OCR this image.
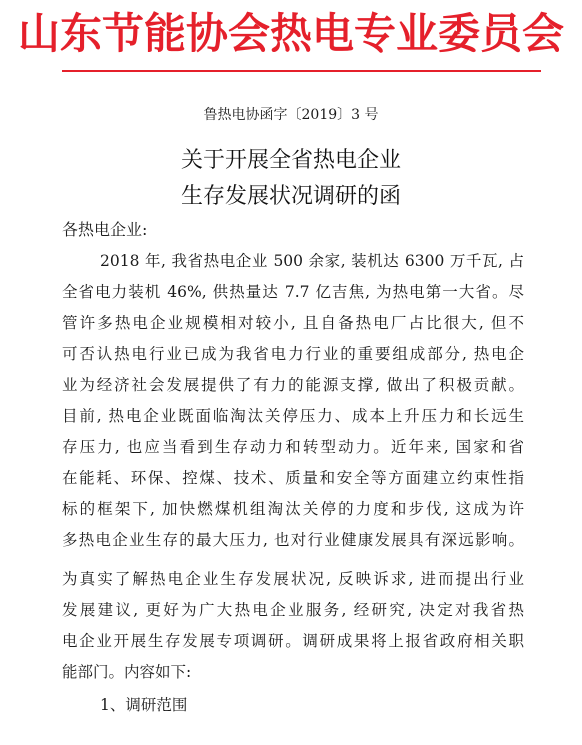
山东节能协会热电专业委员会
鲁热电协函字〔2019〕3 号
关于开展全省热电企业
生存发展状况调研的函
各热电企业:
2018 年, 我省热电企业 500 余家, 装机达 6300 万千瓦, 占
全省电力装机 46%, 供热量达 7.7 亿吉焦, 为热电第一大省。尽
管许多热电企业规模相对较小, 且自备热电厂占比很大, 但不
可否认热电行业已成为我省电力行业的重要组成部分, 热电企
业为经济社会发展提供了有力的能源支撑, 做出了积极贡献。
目前, 热电企业既面临淘汰关停压力、成本上升压力和长远生
存压力, 也应当看到生存动力和转型动力。近年来, 国家和省
在能耗、环保、控煤、技术、质量和安全等方面建立约束性指
标的框架下, 加快燃煤机组淘汰关停的力度和步伐, 这成为许
多热电企业生存的最大压力, 也对行业健康发展具有深远影响。
为真实了解热电企业生存发展状况, 反映诉求, 进而提出行业
发展建议, 更好为广大热电企业服务, 经研究, 决定对我省热
电企业开展生存发展专项调研。调研成果将上报省政府相关职
能部门。内容如下:
1、调研范围
